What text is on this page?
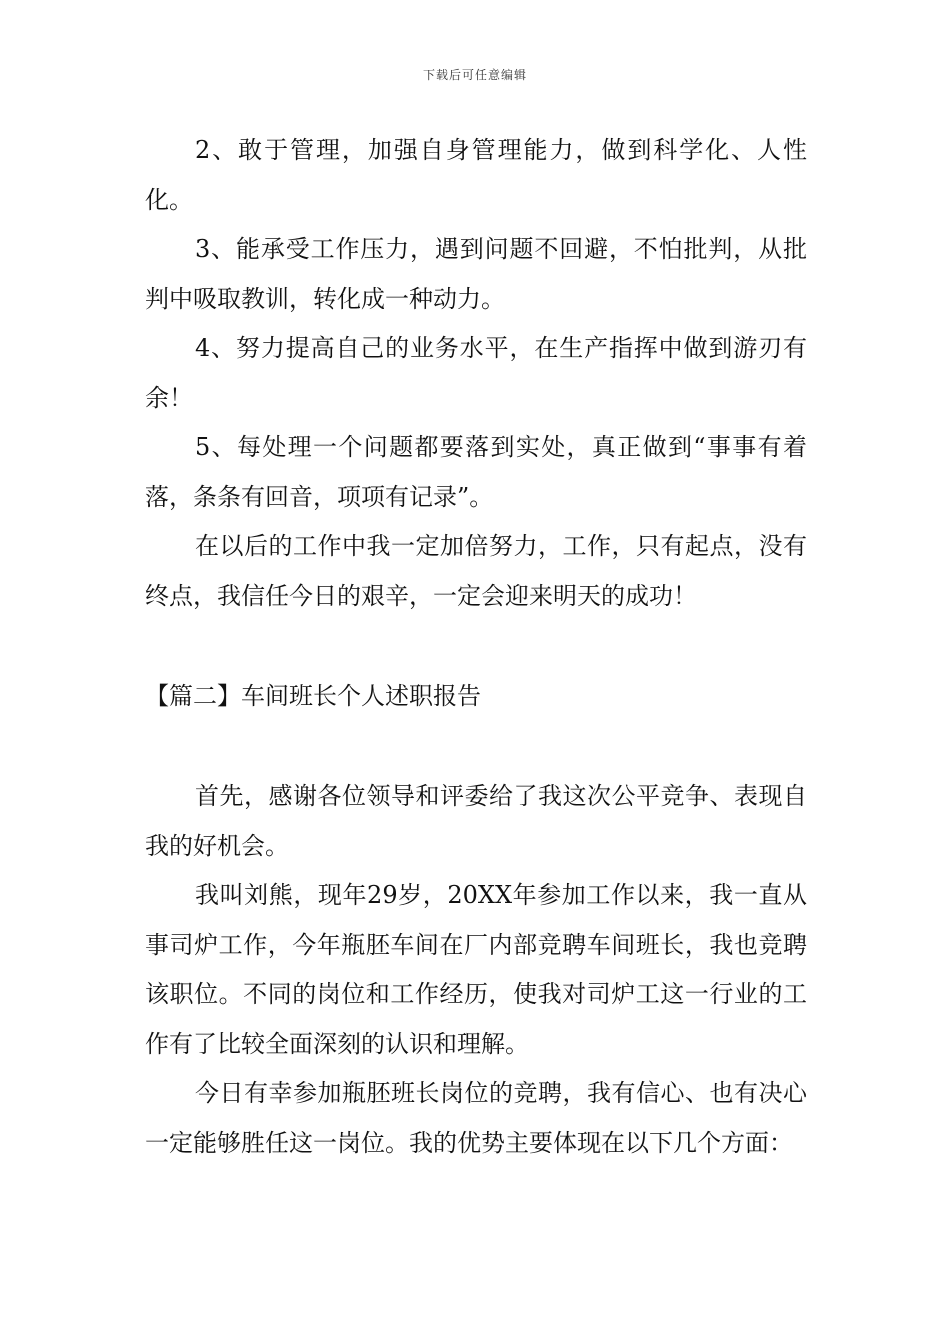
下载后可任意编辑

2、敢于管理，加强自身管理能力，做到科学化、人性化。

3、能承受工作压力，遇到问题不回避，不怕批判，从批判中吸取教训，转化成一种动力。

4、努力提高自己的业务水平，在生产指挥中做到游刃有余！

5、每处理一个问题都要落到实处，真正做到“事事有着落，条条有回音，项项有记录”。

在以后的工作中我一定加倍努力，工作，只有起点，没有终点，我信任今日的艰辛，一定会迎来明天的成功！

【篇二】车间班长个人述职报告

首先，感谢各位领导和评委给了我这次公平竞争、表现自我的好机会。

我叫刘熊，现年29岁，20XX年参加工作以来，我一直从事司炉工作，今年瓶胚车间在厂内部竞聘车间班长，我也竞聘该职位。不同的岗位和工作经历，使我对司炉工这一行业的工作有了比较全面深刻的认识和理解。

今日有幸参加瓶胚班长岗位的竞聘，我有信心、也有决心一定能够胜任这一岗位。我的优势主要体现在以下几个方面：
